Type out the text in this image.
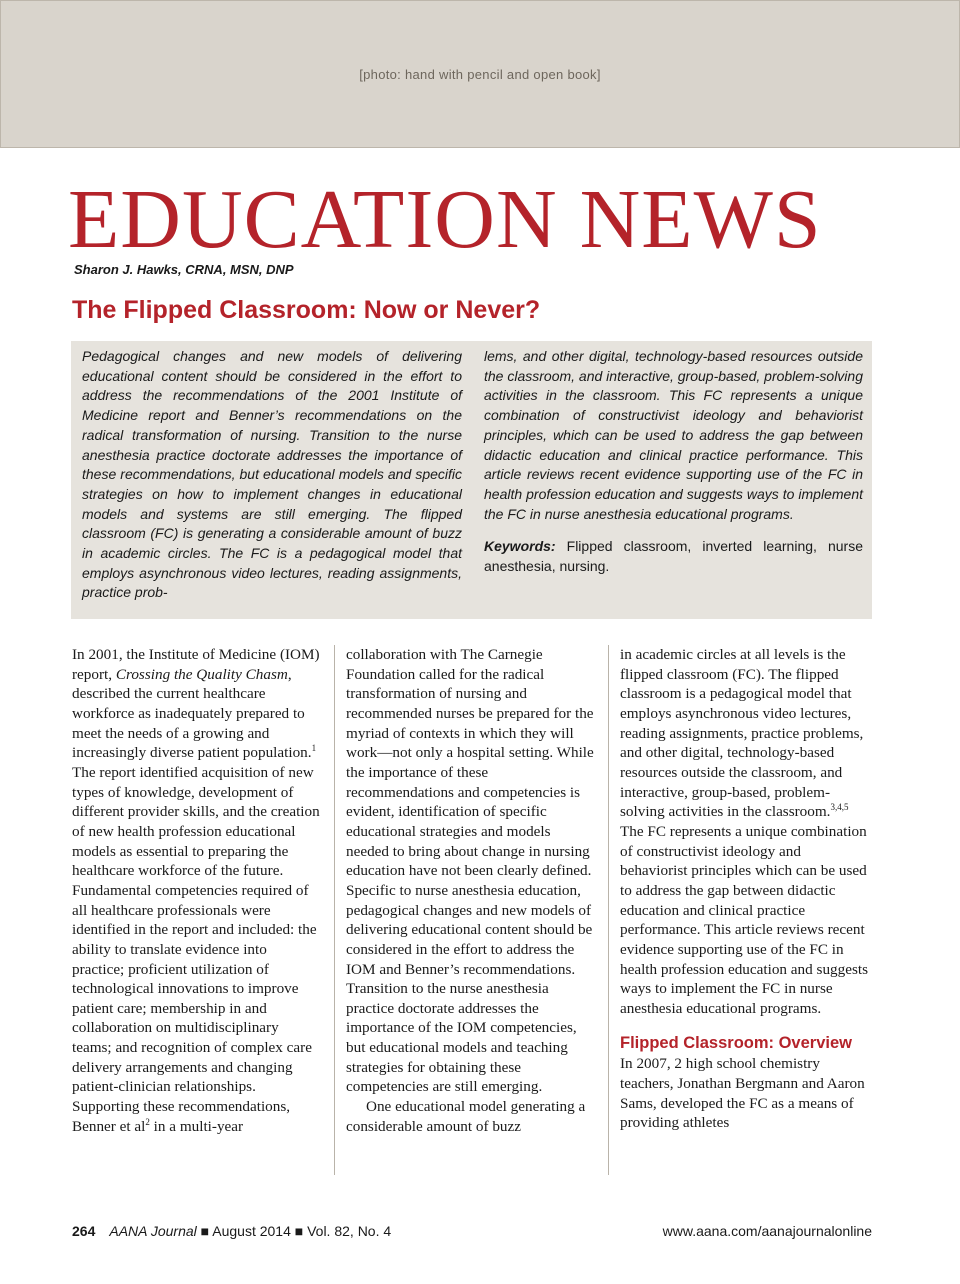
[photo: hand with pencil and open book]
EDUCATION NEWS
Sharon J. Hawks, CRNA, MSN, DNP
The Flipped Classroom: Now or Never?

Pedagogical changes and new models of delivering educational content should be considered in the effort to address the recommendations of the 2001 Institute of Medicine report and Benner’s recommendations on the radical transformation of nursing. Transition to the nurse anesthesia practice doctorate addresses the importance of these recommendations, but educational models and specific strategies on how to implement changes in educational models and systems are still emerging. The flipped classroom (FC) is generating a considerable amount of buzz in academic circles. The FC is a pedagogical model that employs asynchronous video lectures, reading assignments, practice prob-

lems, and other digital, technology-based resources outside the classroom, and interactive, group-based, problem-solving activities in the classroom. This FC represents a unique combination of constructivist ideology and behaviorist principles, which can be used to address the gap between didactic education and clinical practice performance. This article reviews recent evidence supporting use of the FC in health profession education and suggests ways to implement the FC in nurse anesthesia educational programs.

Keywords: Flipped classroom, inverted learning, nurse anesthesia, nursing.

In 2001, the Institute of Medicine (IOM) report, Crossing the Quality Chasm, described the current healthcare workforce as inadequately prepared to meet the needs of a growing and increasingly diverse patient population.$^1$ The report identified acquisition of new types of knowledge, development of different provider skills, and the creation of new health profession educational models as essential to preparing the healthcare workforce of the future. Fundamental competencies required of all healthcare professionals were identified in the report and included: the ability to translate evidence into practice; proficient utilization of technological innovations to improve patient care; membership in and collaboration on multidisciplinary teams; and recognition of complex care delivery arrangements and changing patient-clinician relationships. Supporting these recommendations, Benner et $al^2$ in a multi-year

collaboration with The Carnegie Foundation called for the radical transformation of nursing and recommended nurses be prepared for the myriad of contexts in which they will work—not only a hospital setting. While the importance of these recommendations and competencies is evident, identification of specific educational strategies and models needed to bring about change in nursing education have not been clearly defined. Specific to nurse anesthesia education, pedagogical changes and new models of delivering educational content should be considered in the effort to address the IOM and Benner’s recommendations. Transition to the nurse anesthesia practice doctorate addresses the importance of the IOM competencies, but educational models and teaching strategies for obtaining these competencies are still emerging.

One educational model generating a considerable amount of buzz

in academic circles at all levels is the flipped classroom (FC). The flipped classroom is a pedagogical model that employs asynchronous video lectures, reading assignments, practice problems, and other digital, technology-based resources outside the classroom, and interactive, group-based, problem-solving activities in the classroom.$^{3,4,5}$ The FC represents a unique combination of constructivist ideology and behaviorist principles which can be used to address the gap between didactic education and clinical practice performance. This article reviews recent evidence supporting use of the FC in health profession education and suggests ways to implement the FC in nurse anesthesia educational programs.

Flipped Classroom: Overview

In 2007, 2 high school chemistry teachers, Jonathan Bergmann and Aaron Sams, developed the FC as a means of providing athletes

264 AANA Journal ■ August 2014 ■ Vol. 82, No. 4	www.aana.com/aanajournalonline
